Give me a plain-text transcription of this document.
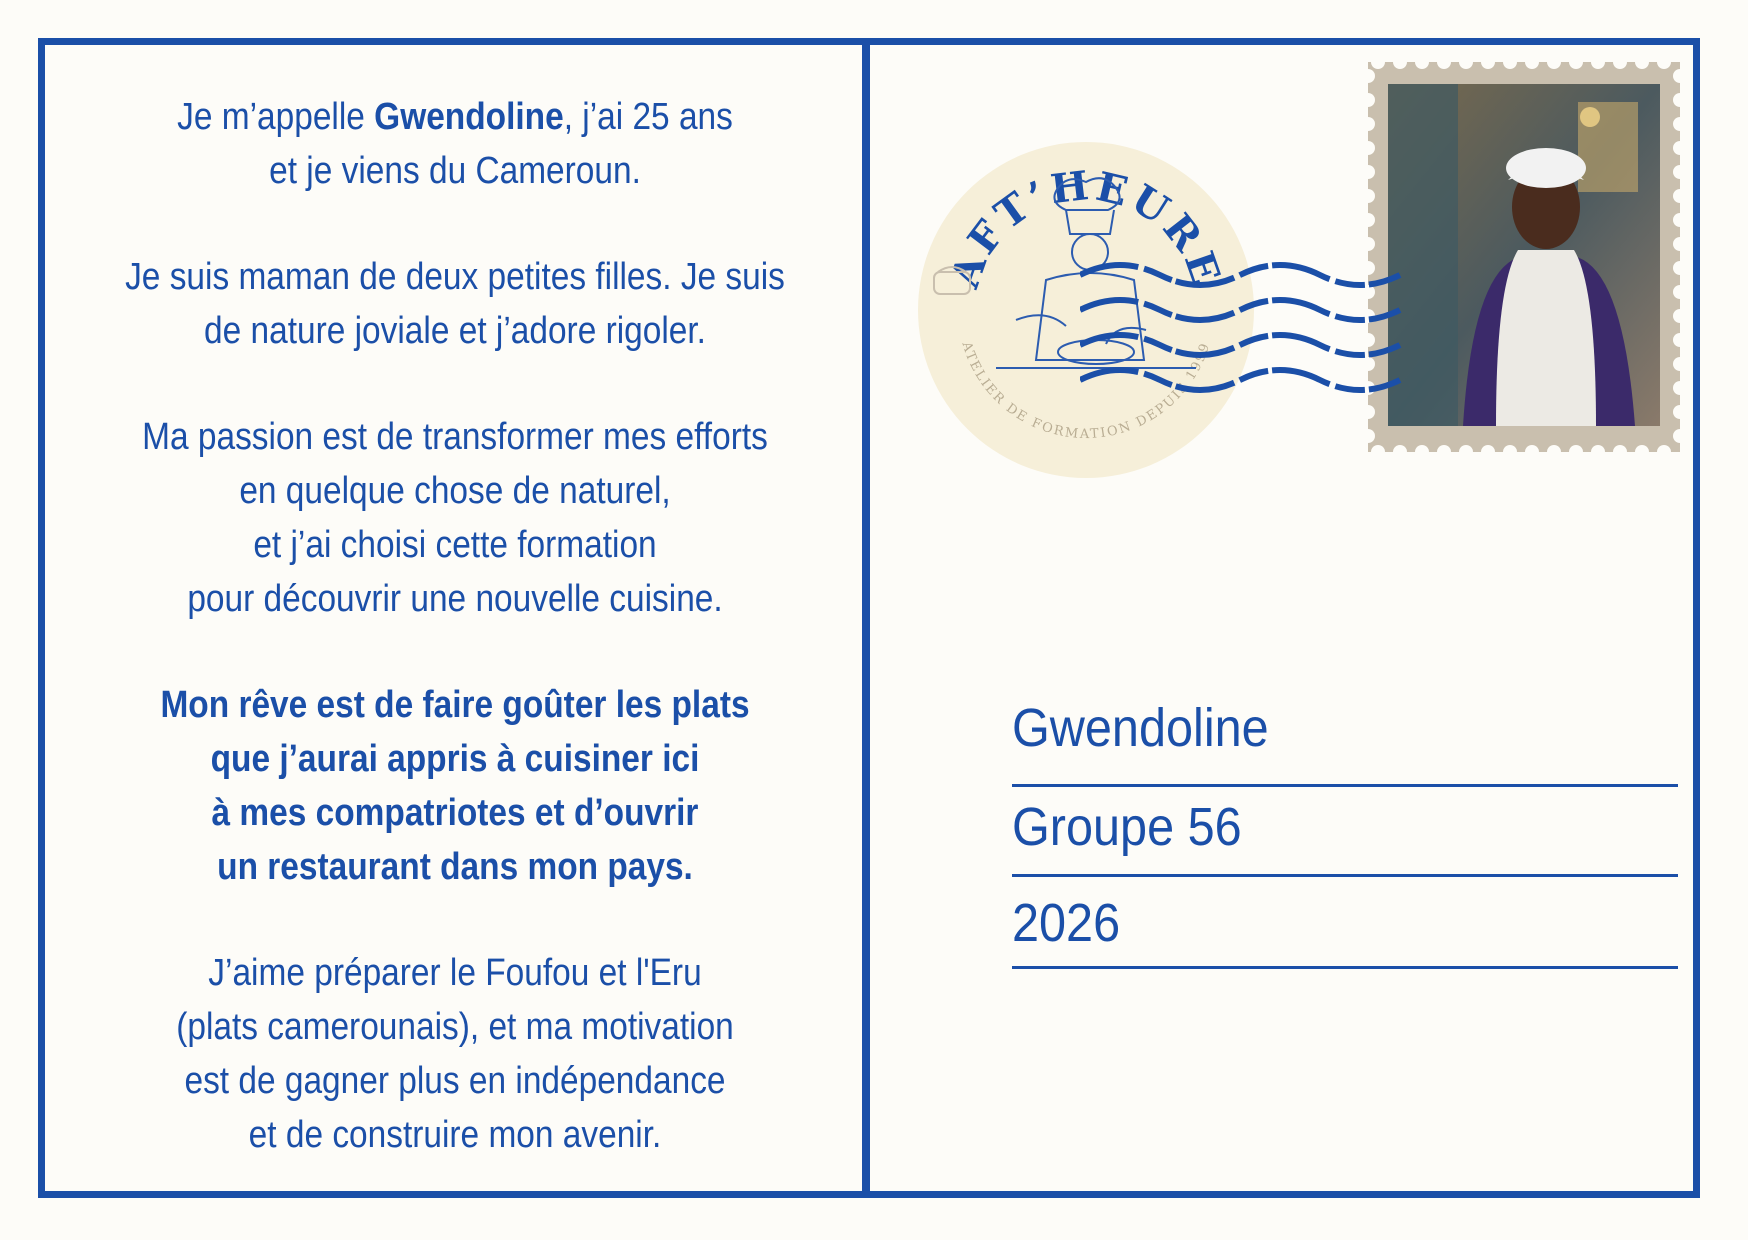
Je m’appelle Gwendoline, j’ai 25 ans
et je viens du Cameroun.

Je suis maman de deux petites filles. Je suis
de nature joviale et j’adore rigoler.

Ma passion est de transformer mes efforts
en quelque chose de naturel,
et j’ai choisi cette formation
pour découvrir une nouvelle cuisine.

Mon rêve est de faire goûter les plats
que j’aurai appris à cuisiner ici
à mes compatriotes et d’ouvrir
un restaurant dans mon pays.

J’aime préparer le Foufou et l'Eru
(plats camerounais), et ma motivation
est de gagner plus en indépendance
et de construire mon avenir.

AFT’HEURE
ATELIER DE FORMATION DEPUIS 1999
Gwendoline
Groupe 56
2026
